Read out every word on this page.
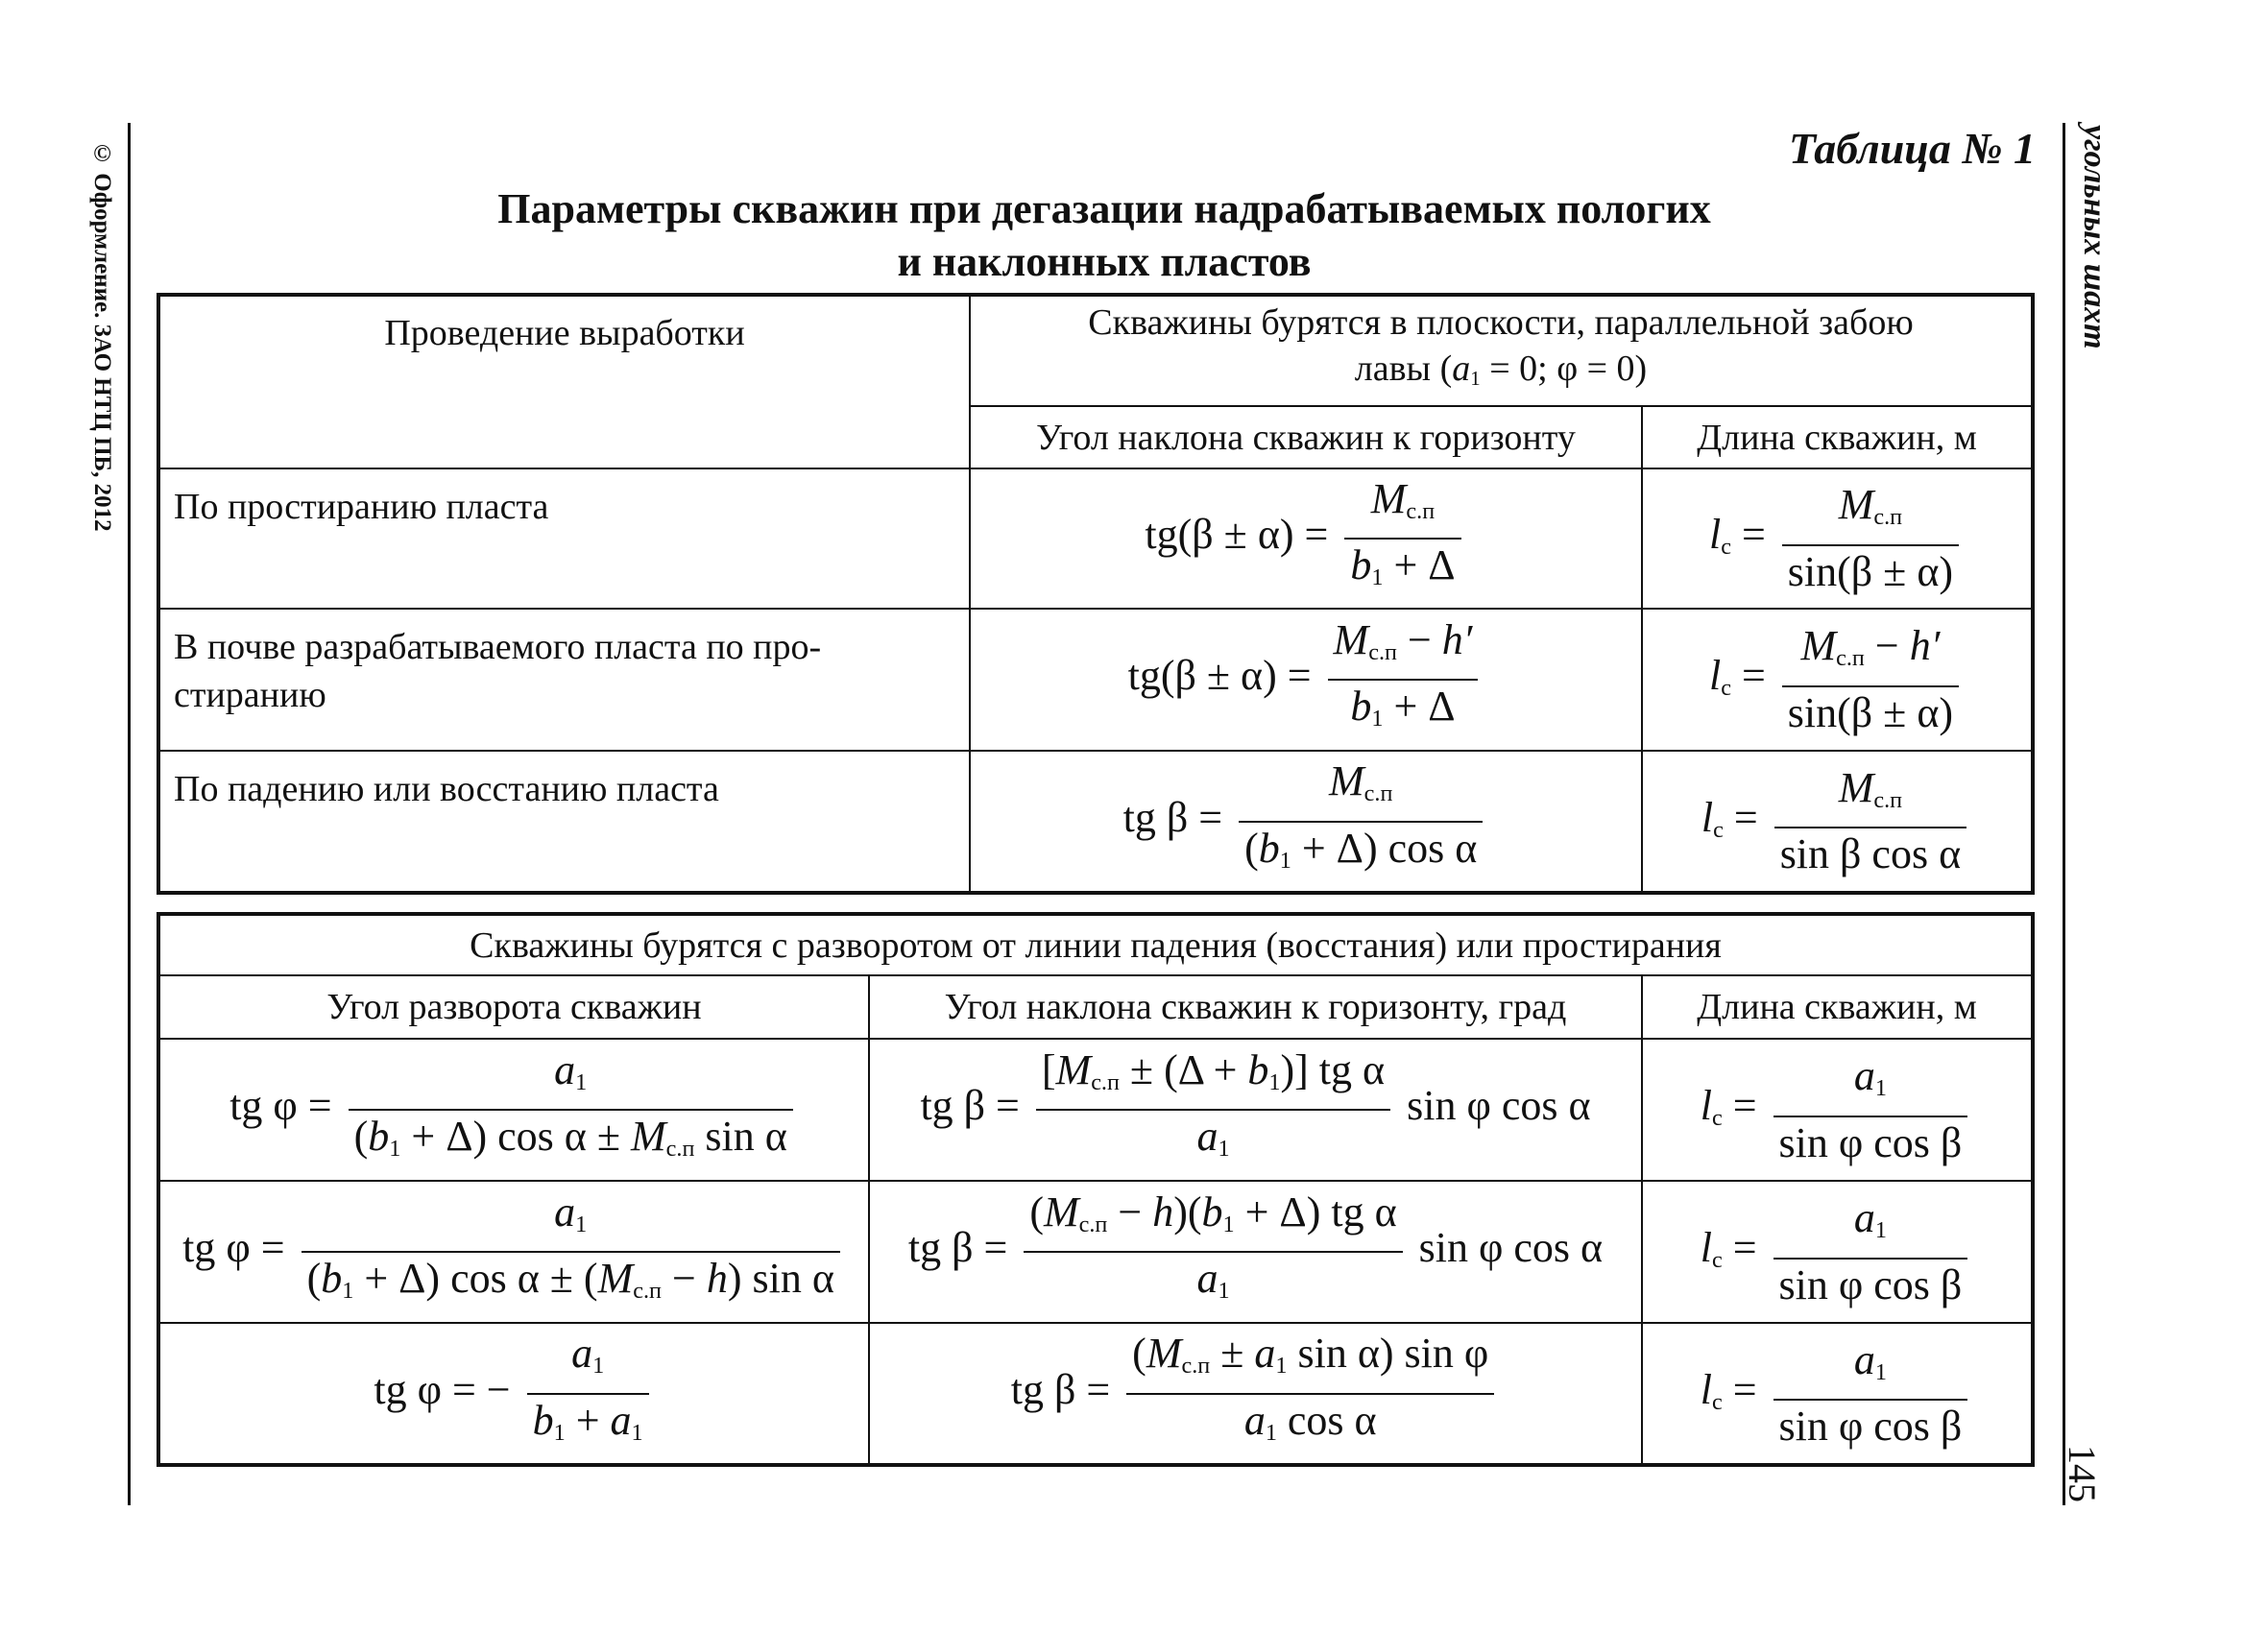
© Оформление. ЗАО НТЦ ПБ, 2012	угольных шахт
145
Таблица № 1
Параметры скважин при дегазации надрабатываемых пологих
и наклонных пластов
Проведение выработки	Скважины бурятся в плоскости, параллельной забою
лавы ($a_1 = 0$; φ = 0)	

	Угол наклона скважин к горизонту	Длина скважин, м
По простиранию пласта	$tg(\beta \pm \alpha) = \frac{M_{с.п}}{b_1 + \Delta}$	$l_с = \frac{M_{с.п}}{\sin(\beta \pm \alpha)}$

В почве разрабатываемого пласта по про-стиранию	$tg(\beta \pm \alpha) = \frac{M_{с.п} - h'}{b_1 + \Delta}$	$l_с = \frac{M_{с.п} - h'}{\sin(\beta \pm \alpha)}$

По падению или восстанию пласта	tg $\beta = \frac{M_{с.п}}{(b_1 + \Delta) \cos \alpha}$	$l_с = \frac{M_{с.п}}{\text{sin β cos α}}$
Скважины бурятся с разворотом от линии падения (восстания) или простирания		
Угол разворота скважин	Угол наклона скважин к горизонту, град	Длина скважин, м
tg $\varphi = \frac{a_1}{(b_1 + \Delta) \cos \alpha \pm M_{с.п} \sin \alpha}$	tg $\beta = \frac{[M_{с.п} \pm (\Delta + b_1)] tg \alpha}{a_1}$ sin φ cos α	$l_с = \frac{a_1}{\text{sin φ cos β}}$

tg $\varphi = \frac{a_1}{(b_1 + \Delta) \cos \alpha \pm (M_{с.п} - h) \sin \alpha}$	tg $\beta = \frac{(M_{с.п} - h)(b_1 + \Delta) tg \alpha}{a_1}$ sin φ cos α	$l_с = \frac{a_1}{\text{sin φ cos β}}$

tg φ = − $\frac{a_1}{b_1 + a_1}$	tg $\beta = \frac{(M_{с.п} \pm a_1 \sin \alpha) \sin \varphi}{a_1 \cos \alpha}$	$l_с = \frac{a_1}{\text{sin φ cos β}}$
